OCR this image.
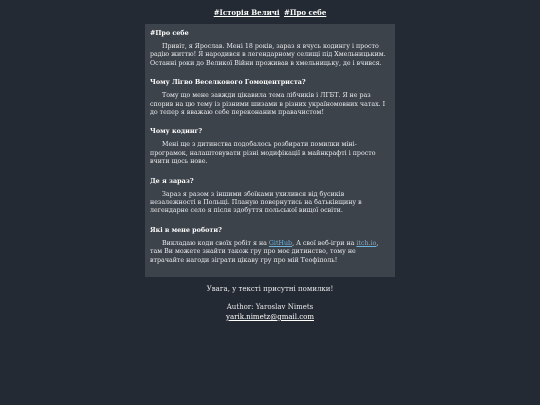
#Історія Величі #Про себе
#Про себе

Привіт, я Ярослав. Мені 18 років, зараз я вчусь кодингу і просто радію життю! Я народився в легендарному селищі під Хмельницьким. Останні роки до Великої Війни проживав в хмельницьку, де і вчився.

Чому Лігво Веселкового Гомоцентриста?

Тому що мене завжди цікавила тема лібчиків і ЛГБТ. Я не раз спорив на цю тему із різними шизами в різних україномовних чатах. І до тепер я вважаю себе переконаним правачистом!

Чому кодинг?

Мені ще з дитинства подобалось розбирати помилки міні-програмок, налаштовувати різні модифікації в майнкрафті і просто вчити щось нове.

Де я зараз?

Зараз я разом з іншими збоїками ухилився від бусиків незалежності в Польщі. Планую повернутись на батьківщину в легендарне село я після здобуття польської вищої освіти.

Які в мене роботи?

Викладаю коди своїх робіт я на GitHub, А свої веб-ігри на itch.io, там Ви можете знайти також гру про моє дитинство, тому не втрачайте нагоди зіграти цікаву гру про мій Теофіполь!

Увага, у тексті присутні помилки!
Author: Yaroslav Nimets
yarik.nimetz@gmail.com
